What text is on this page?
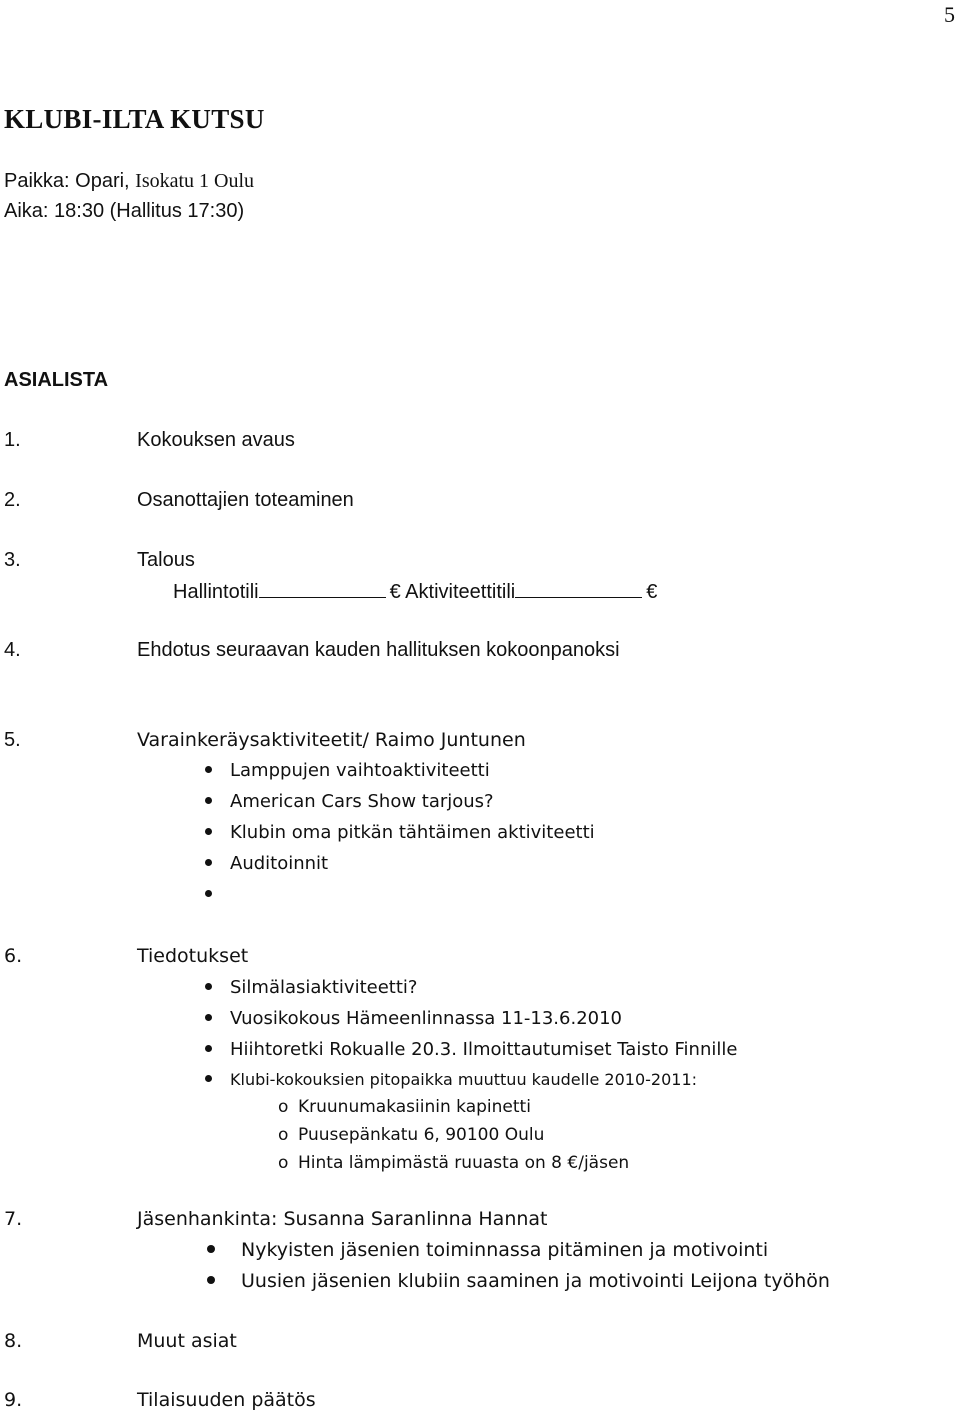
5
KLUBI-ILTA KUTSU
Paikka: Opari, Isokatu 1 Oulu
Aika: 18:30 (Hallitus 17:30)
ASIALISTA
1.	Kokouksen avaus
2.	Osanottajien toteaminen
3.	Talous
Hallintotili	€ Aktiviteettitili	€
4.	Ehdotus seuraavan kauden hallituksen kokoonpanoksi
5.	Varainkeräysaktiviteetit/ Raimo Juntunen
Lamppujen vaihtoaktiviteetti
American Cars Show tarjous?
Klubin oma pitkän tähtäimen aktiviteetti
Auditoinnit
6.	Tiedotukset
Silmälasiaktiviteetti?
Vuosikokous Hämeenlinnassa 11-13.6.2010
Hiihtoretki Rokualle 20.3. Ilmoittautumiset Taisto Finnille
Klubi-kokouksien pitopaikka muuttuu kaudelle 2010-2011:
o Kruunumakasiinin kapinetti
o Puusepänkatu 6, 90100 Oulu
o Hinta lämpimästä ruuasta on 8 €/jäsen
7.	Jäsenhankinta: Susanna Saranlinna Hannat
Nykyisten jäsenien toiminnassa pitäminen ja motivointi
Uusien jäsenien klubiin saaminen ja motivointi Leijona työhön
8.	Muut asiat
9.	Tilaisuuden päätös
